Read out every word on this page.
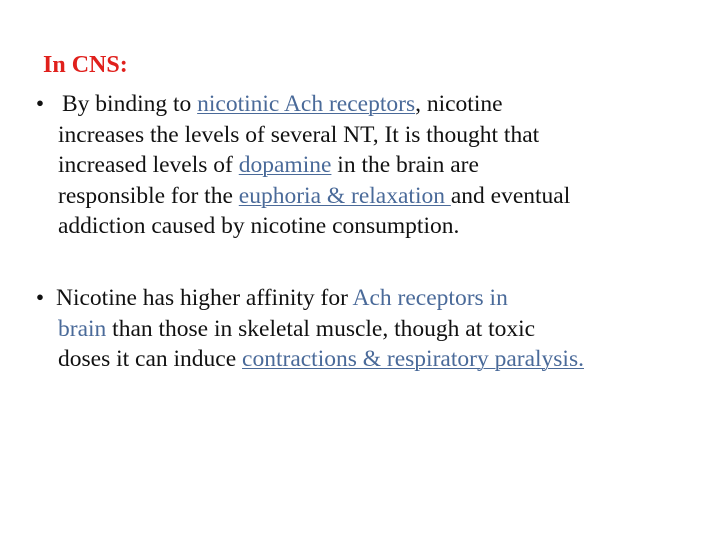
In CNS:
• By binding to nicotinic Ach receptors, nicotine
increases the levels of several NT, It is thought that
increased levels of dopamine in the brain are
responsible for the euphoria & relaxation and eventual
addiction caused by nicotine consumption.
• Nicotine has higher affinity for Ach receptors in
brain than those in skeletal muscle, though at toxic
doses it can induce contractions & respiratory paralysis.
